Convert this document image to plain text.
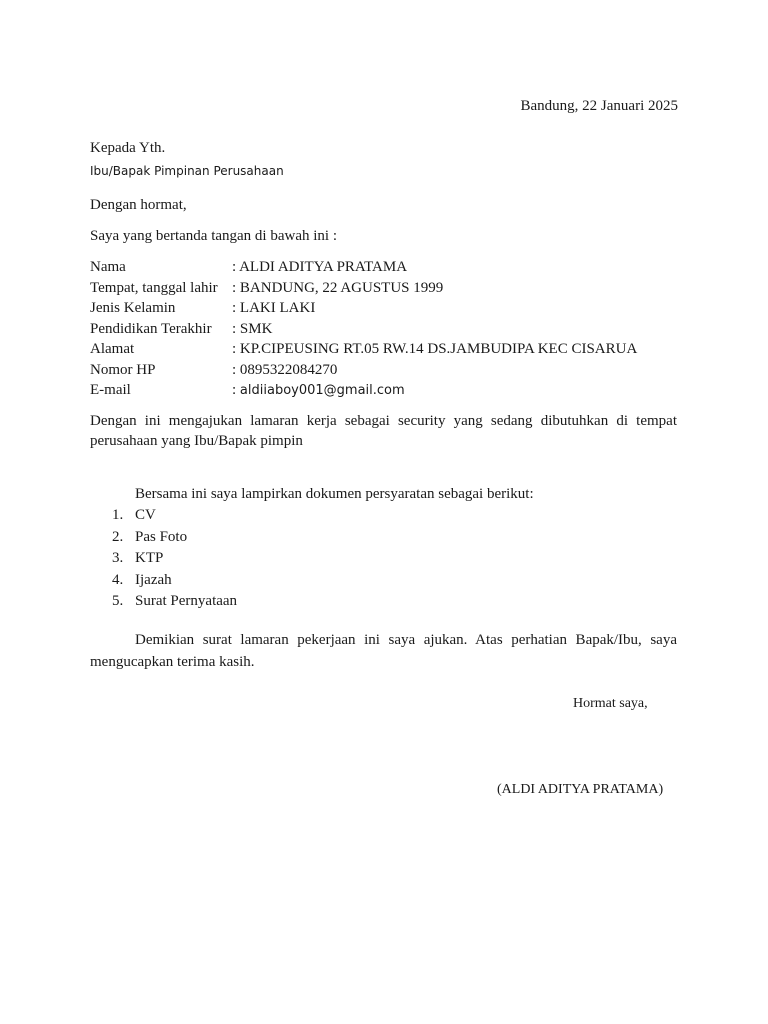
Bandung, 22 Januari 2025
Kepada Yth.
Ibu/Bapak Pimpinan Perusahaan
Dengan hormat,
Saya yang bertanda tangan di bawah ini :
Nama	: ALDI ADITYA PRATAMA
Tempat, tanggal lahir	: BANDUNG, 22 AGUSTUS 1999
Jenis Kelamin	: LAKI LAKI
Pendidikan Terakhir	: SMK
Alamat	: KP.CIPEUSING RT.05 RW.14 DS.JAMBUDIPA KEC CISARUA
Nomor HP	: 0895322084270
E-mail	: aldiiaboy001@gmail.com
Dengan ini mengajukan lamaran kerja sebagai security yang sedang dibutuhkan di tempat perusahaan yang Ibu/Bapak pimpin
Bersama ini saya lampirkan dokumen persyaratan sebagai berikut:
1. CV
2. Pas Foto
3. KTP
4. Ijazah
5. Surat Pernyataan
Demikian surat lamaran pekerjaan ini saya ajukan. Atas perhatian Bapak/Ibu, saya mengucapkan terima kasih.
Hormat saya,
(ALDI ADITYA PRATAMA)
